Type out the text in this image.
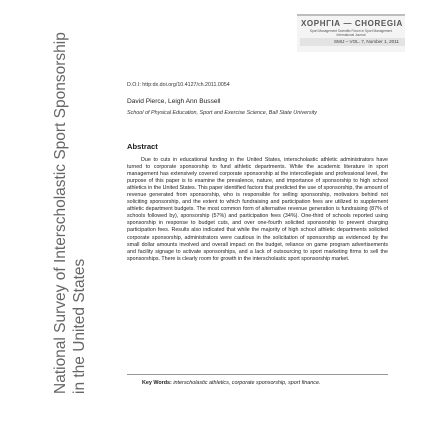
National Survey of Interscholastic Sport Sponsorship in the United States
ΧΟΡΗΓΙΑ — CHOREGIA
Sport Management Scientific Forum in Sport Management International Journal
SMIJ – VOL. 7, Number 1, 2011
D.O.I: http:dx.doi.org/10.4127/ch.2011.0054
David Pierce, Leigh Ann Bussell
School of Physical Education, Sport and Exercise Science, Ball State University
Abstract
Due to cuts in educational funding in the United States, interscholastic athletic administrators have turned to corporate sponsorship to fund athletic departments. While the academic literature in sport management has extensively covered corporate sponsorship at the intercollegiate and professional level, the purpose of this paper is to examine the prevalence, nature, and importance of sponsorship to high school athletics in the United States. This paper identified factors that predicted the use of sponsorship, the amount of revenue generated from sponsorship, who is responsible for selling sponsorship, motivators behind not soliciting sponsorship, and the extent to which fundraising and participation fees are utilized to supplement athletic department budgets. The most common form of alternative revenue generation is fundraising (87% of schools followed by), sponsorship (57%) and participation fees (34%). One-third of schools reported using sponsorship in response to budget cuts, and over one-fourth solicited sponsorship to prevent charging participation fees. Results also indicated that while the majority of high school athletic departments solicited corporate sponsorship, administrators were cautious in the solicitation of sponsorship as evidenced by the small dollar amounts involved and overall impact on the budget, reliance on game program advertisements and facility signage to activate sponsorships, and a lack of outsourcing to sport marketing firms to sell the sponsorships. There is clearly room for growth in the interscholastic sport sponsorship market.
Key Words: interscholastic athletics, corporate sponsorship, sport finance.
